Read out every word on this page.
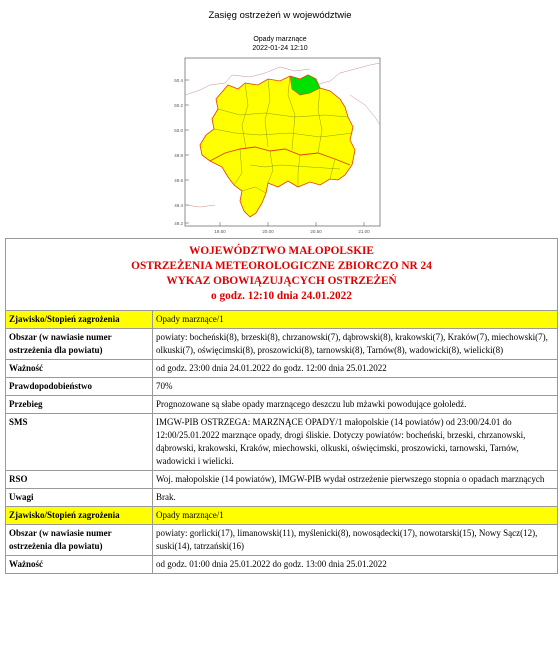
Zasięg ostrzeżeń w województwie
Opady marznące
2022-01-24 12:10
50.4
50.2
50.0
49.8
49.6
49.4
49.2
19.50	20.00	20.50	21.00
WOJEWÓDZTWO MAŁOPOLSKIE
OSTRZEŻENIA METEOROLOGICZNE ZBIORCZO NR 24
WYKAZ OBOWIĄZUJĄCYCH OSTRZEŻEŃ
o godz. 12:10 dnia 24.01.2022	

Zjawisko/Stopień zagrożenia	Opady marznące/1
Obszar (w nawiasie numer ostrzeżenia dla powiatu)	powiaty: bocheński(8), brzeski(8), chrzanowski(7), dąbrowski(8), krakowski(7), Kraków(7), miechowski(7), olkuski(7), oświęcimski(8), proszowicki(8), tarnowski(8), Tarnów(8), wadowicki(8), wielicki(8)
Ważność	od godz. 23:00 dnia 24.01.2022 do godz. 12:00 dnia 25.01.2022
Prawdopodobieństwo	70%
Przebieg	Prognozowane są słabe opady marznącego deszczu lub mżawki powodujące gołoledź.
SMS	IMGW-PIB OSTRZEGA: MARZNĄCE OPADY/1 małopolskie (14 powiatów) od 23:00/24.01 do 12:00/25.01.2022 marznące opady, drogi śliskie. Dotyczy powiatów: bocheński, brzeski, chrzanowski, dąbrowski, krakowski, Kraków, miechowski, olkuski, oświęcimski, proszowicki, tarnowski, Tarnów, wadowicki i wielicki.
RSO	Woj. małopolskie (14 powiatów), IMGW-PIB wydał ostrzeżenie pierwszego stopnia o opadach marznących
Uwagi	Brak.
Zjawisko/Stopień zagrożenia	Opady marznące/1
Obszar (w nawiasie numer ostrzeżenia dla powiatu)	powiaty: gorlicki(17), limanowski(11), myślenicki(8), nowosądecki(17), nowotarski(15), Nowy Sącz(12), suski(14), tatrzański(16)
Ważność	od godz. 01:00 dnia 25.01.2022 do godz. 13:00 dnia 25.01.2022
